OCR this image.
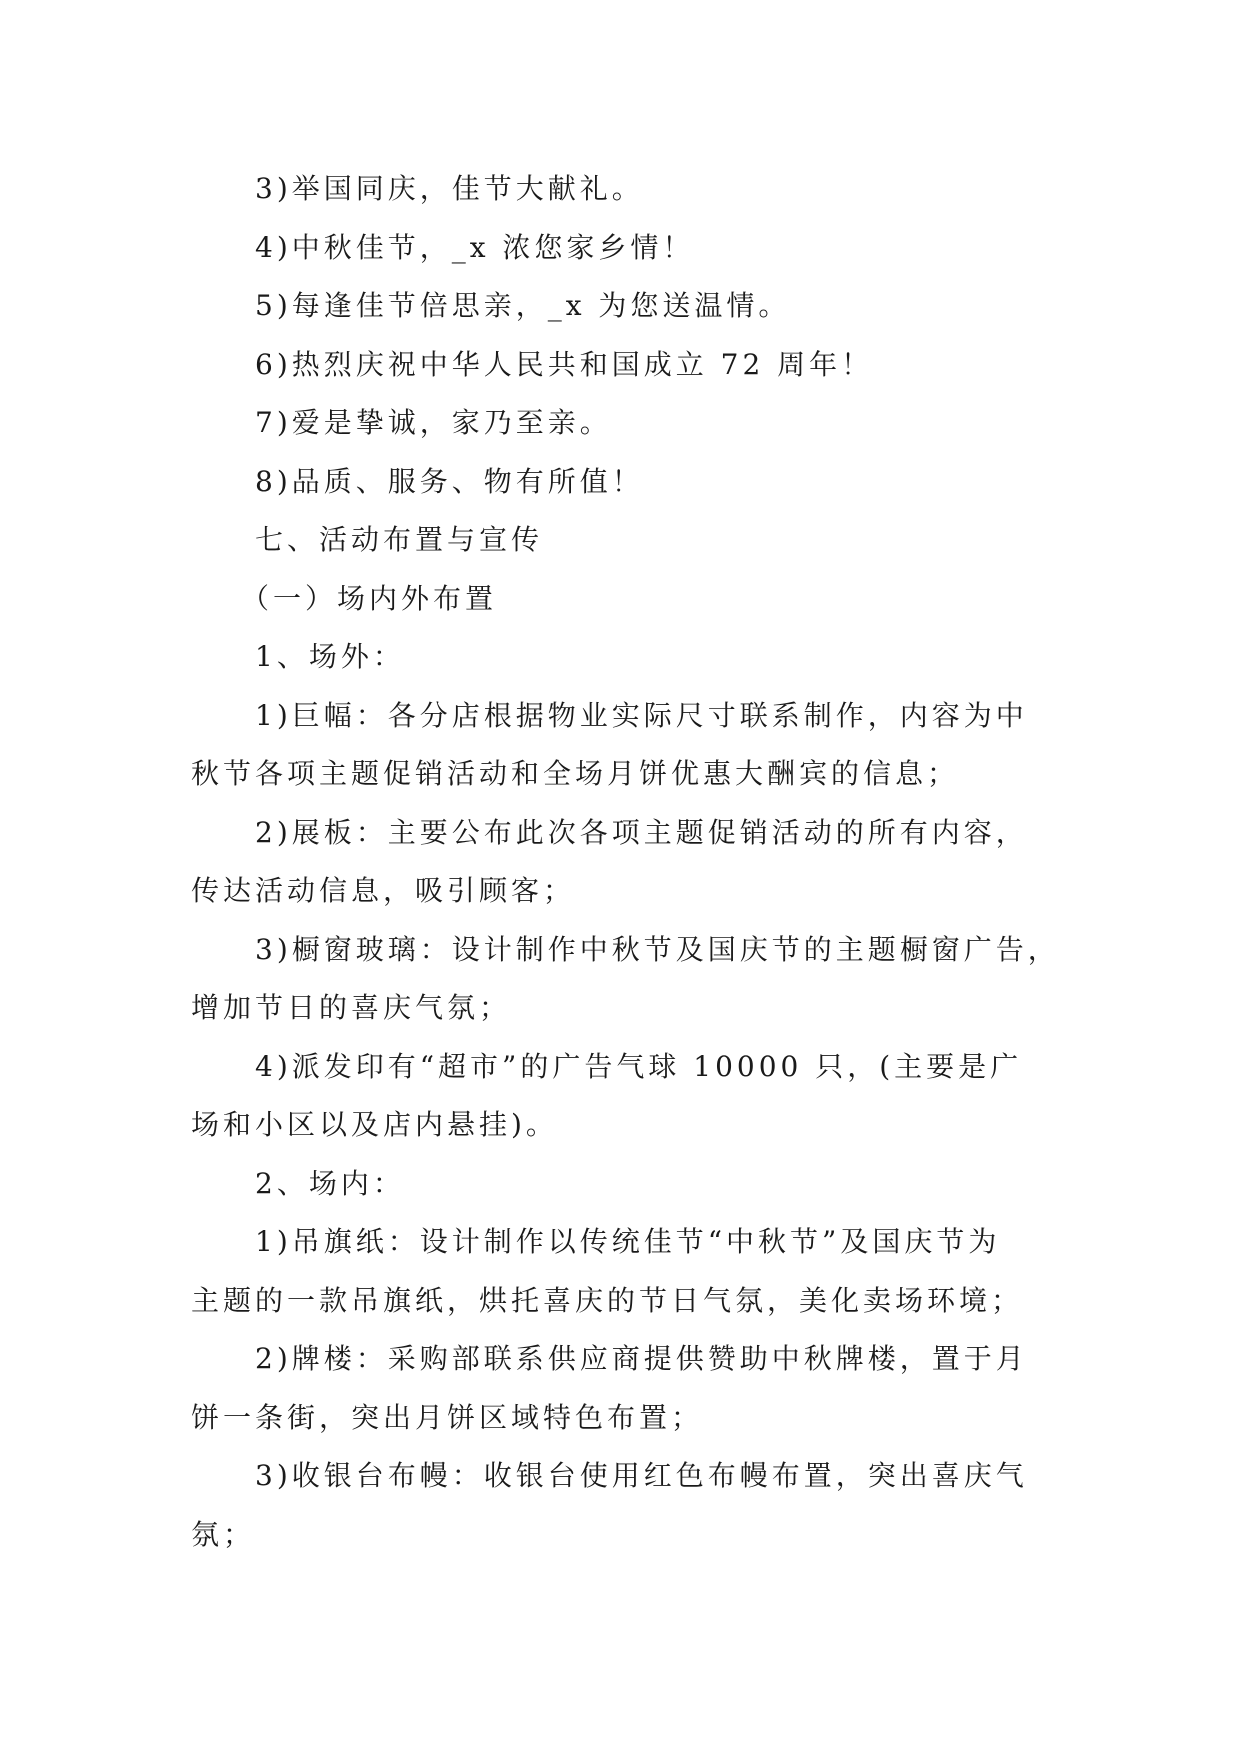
3)举国同庆，佳节大献礼。

4)中秋佳节，_x 浓您家乡情！

5)每逢佳节倍思亲，_x 为您送温情。

6)热烈庆祝中华人民共和国成立 72 周年！

7)爱是挚诚，家乃至亲。

8)品质、服务、物有所值！

七、活动布置与宣传

（一）场内外布置

1、场外：

1)巨幅：各分店根据物业实际尺寸联系制作，内容为中

秋节各项主题促销活动和全场月饼优惠大酬宾的信息；

2)展板：主要公布此次各项主题促销活动的所有内容，

传达活动信息，吸引顾客；

3)橱窗玻璃：设计制作中秋节及国庆节的主题橱窗广告，

增加节日的喜庆气氛；

4)派发印有“超市”的广告气球 10000 只，(主要是广

场和小区以及店内悬挂)。

2、场内：

1)吊旗纸：设计制作以传统佳节“中秋节”及国庆节为

主题的一款吊旗纸，烘托喜庆的节日气氛，美化卖场环境；

2)牌楼：采购部联系供应商提供赞助中秋牌楼，置于月

饼一条街，突出月饼区域特色布置；

3)收银台布幔：收银台使用红色布幔布置，突出喜庆气

氛；
